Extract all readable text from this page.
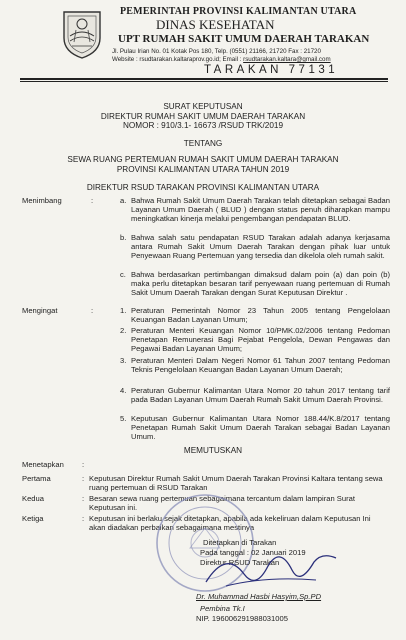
PEMERINTAH PROVINSI KALIMANTAN UTARA
DINAS KESEHATAN
UPT RUMAH SAKIT UMUM DAERAH TARAKAN
Jl. Pulau Irian No. 01 Kotak Pos 180, Telp. (0551) 21166, 21720 Fax : 21720
Website : rsudtarakan.kaltaraprov.go.id; Email : rsudtarakan.kaltara@gmail.com
TARAKAN 77131
SURAT KEPUTUSAN
DIREKTUR RUMAH SAKIT UMUM DAERAH TARAKAN
NOMOR : 910/3.1- 16673 /RSUD TRK/2019
TENTANG
SEWA RUANG PERTEMUAN RUMAH SAKIT UMUM DAERAH TARAKAN
PROVINSI KALIMANTAN UTARA TAHUN 2019
DIREKTUR RSUD TARAKAN PROVINSI KALIMANTAN UTARA
Menimbang	:	a. Bahwa Rumah Sakit Umum Daerah Tarakan telah ditetapkan sebagai Badan Layanan Umum Daerah ( BLUD ) dengan status penuh diharapkan mampu meningkatkan kinerja melalui pengembangan pendapatan BLUD.
b. Bahwa salah satu pendapatan RSUD Tarakan adalah adanya kerjasama antara Rumah Sakit Umum Daerah Tarakan dengan pihak luar untuk Penyewaan Ruang Pertemuan yang tersedia dan dikelola oleh rumah sakit.
c. Bahwa berdasarkan pertimbangan dimaksud dalam poin (a) dan poin (b) maka perlu ditetapkan besaran tarif penyewaan ruang pertemuan di Rumah Sakit Umum Daerah Tarakan dengan Surat Keputusan Direktur .
Mengingat	:	1. Peraturan Pemerintah Nomor 23 Tahun 2005 tentang Pengelolaan Keuangan Badan Layanan Umum;
2. Peraturan Menteri Keuangan Nomor 10/PMK.02/2006 tentang Pedoman Penetapan Remunerasi Bagi Pejabat Pengelola, Dewan Pengawas dan Pegawai Badan Layanan Umum;
3. Peraturan Menteri Dalam Negeri Nomor 61 Tahun 2007 tentang Pedoman Teknis Pengelolaan Keuangan Badan Layanan Umum Daerah;
4. Peraturan Gubernur Kalimantan Utara Nomor 20 tahun 2017 tentang tarif pada Badan Layanan Umum Daerah Rumah Sakit Umum Daerah Provinsi.
5. Keputusan Gubernur Kalimantan Utara Nomor 188.44/K.8/2017 tentang Penetapan Rumah Sakit Umum Daerah Tarakan sebagai Badan Layanan Umum.
MEMUTUSKAN
Menetapkan :
Pertama	: Keputusan Direktur Rumah Sakit Umum Daerah Tarakan Provinsi Kaltara tentang sewa ruang pertemuan di RSUD Tarakan
Kedua	: Besaran sewa ruang pertemuan sebagaimana tercantum dalam lampiran Surat Keputusan ini.
Ketiga	: Keputusan ini berlaku sejak ditetapkan, apabila ada kekeliruan dalam Keputusan Ini akan diadakan perbaikan sebagaimana mestinya
Ditetapkan di Tarakan
Pada tanggal : 02 Januari 2019
Direktur RSUD Tarakan
Dr. Muhammad Hasbi Hasyim,Sp.PD
Pembina Tk.I
NIP. 196006291988031005
